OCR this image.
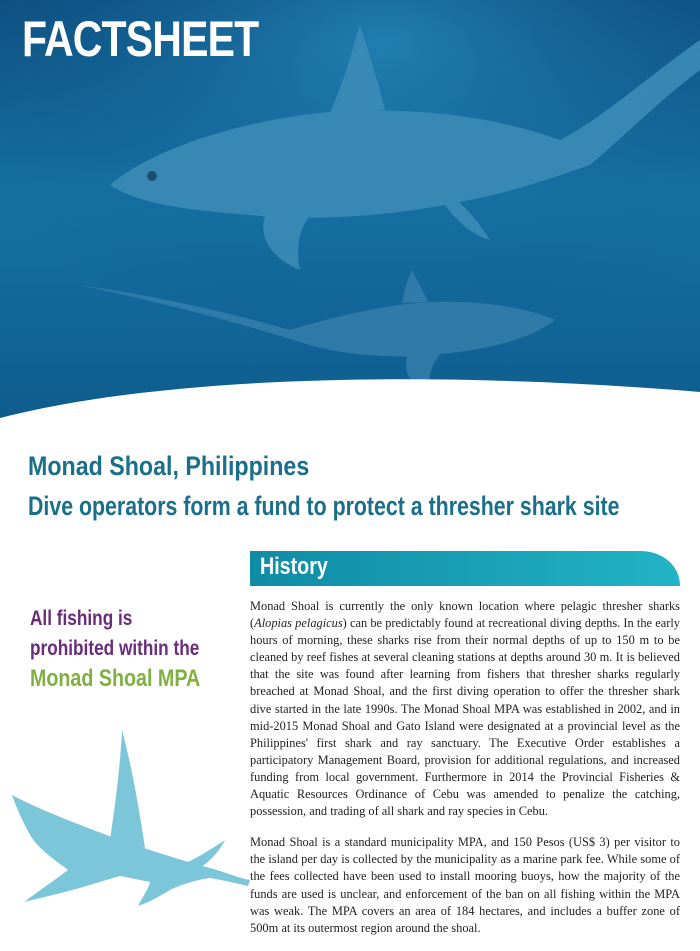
FACTSHEET
Photo: Andy Cornish
Monad Shoal, Philippines
Dive operators form a fund to protect a thresher shark site
History
All fishing is
prohibited within the
Monad Shoal MPA

Monad Shoal is currently the only known location where pelagic thresher sharks (Alopias pelagicus) can be predictably found at recreational diving depths. In the early hours of morning, these sharks rise from their normal depths of up to 150 m to be cleaned by reef fishes at several cleaning stations at depths around 30 m. It is believed that the site was found after learning from fishers that thresher sharks regularly breached at Monad Shoal, and the first diving operation to offer the thresher shark dive started in the late 1990s. The Monad Shoal MPA was established in 2002, and in mid-2015 Monad Shoal and Gato Island were designated at a provincial level as the Philippines' first shark and ray sanctuary. The Executive Order establishes a participatory Management Board, provision for additional regulations, and increased funding from local government. Furthermore in 2014 the Provincial Fisheries & Aquatic Resources Ordinance of Cebu was amended to penalize the catching, possession, and trading of all shark and ray species in Cebu.

Monad Shoal is a standard municipality MPA, and 150 Pesos (US$ 3) per visitor to the island per day is collected by the municipality as a marine park fee. While some of the fees collected have been used to install mooring buoys, how the majority of the funds are used is unclear, and enforcement of the ban on all fishing within the MPA was weak. The MPA covers an area of 184 hectares, and includes a buffer zone of 500m at its outermost region around the shoal.
